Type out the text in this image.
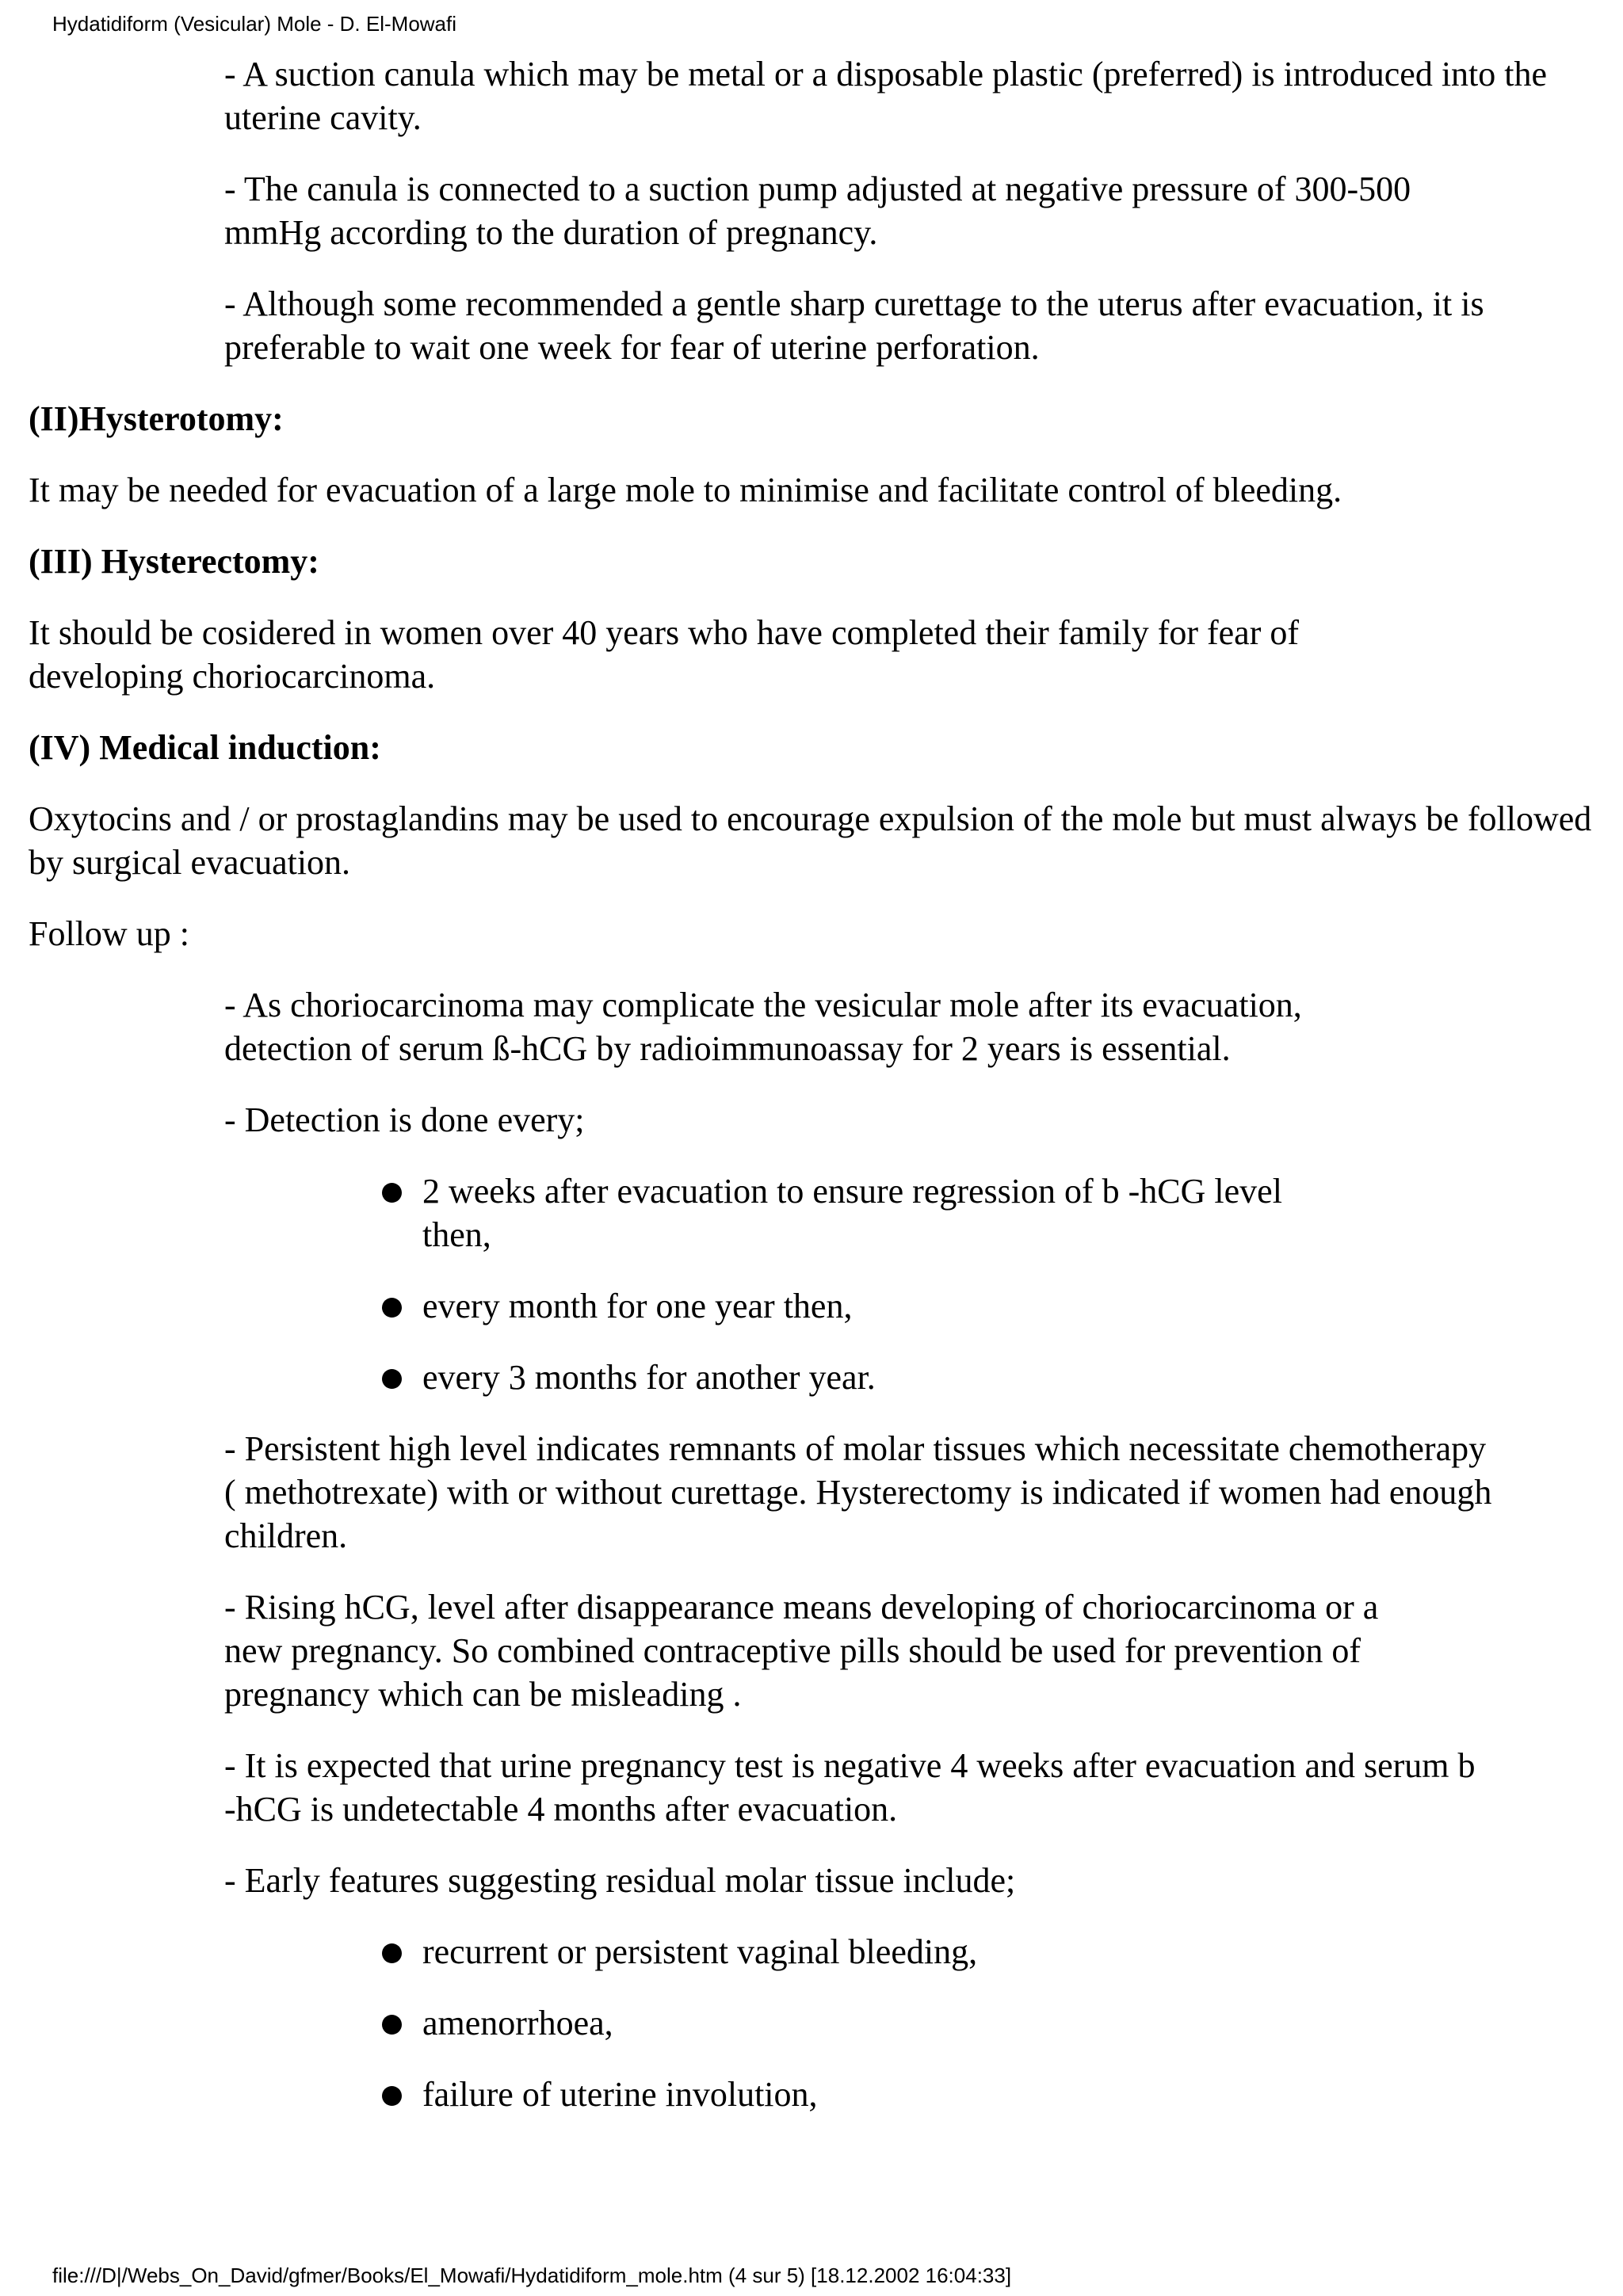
Hydatidiform (Vesicular) Mole - D. El-Mowafi

- A suction canula which may be metal or a disposable plastic (preferred) is introduced into the uterine cavity.

- The canula is connected to a suction pump adjusted at negative pressure of 300-500 mmHg according to the duration of pregnancy.

- Although some recommended a gentle sharp curettage to the uterus after evacuation, it is preferable to wait one week for fear of uterine perforation.

(II)Hysterotomy:

It may be needed for evacuation of a large mole to minimise and facilitate control of bleeding.

(III) Hysterectomy:

It should be cosidered in women over 40 years who have completed their family for fear of developing choriocarcinoma.

(IV) Medical induction:

Oxytocins and / or prostaglandins may be used to encourage expulsion of the mole but must always be followed by surgical evacuation.

Follow up :

- As choriocarcinoma may complicate the vesicular mole after its evacuation, detection of serum ß-hCG by radioimmunoassay for 2 years is essential.

- Detection is done every;

2 weeks after evacuation to ensure regression of b -hCG level then,
every month for one year then,
every 3 months for another year.

- Persistent high level indicates remnants of molar tissues which necessitate chemotherapy ( methotrexate) with or without curettage. Hysterectomy is indicated if women had enough children.

- Rising hCG, level after disappearance means developing of choriocarcinoma or a new pregnancy. So combined contraceptive pills should be used for prevention of pregnancy which can be misleading .

- It is expected that urine pregnancy test is negative 4 weeks after evacuation and serum b -hCG is undetectable 4 months after evacuation.

- Early features suggesting residual molar tissue include;

recurrent or persistent vaginal bleeding,
amenorrhoea,
failure of uterine involution,
file:///D|/Webs_On_David/gfmer/Books/El_Mowafi/Hydatidiform_mole.htm (4 sur 5) [18.12.2002 16:04:33]
